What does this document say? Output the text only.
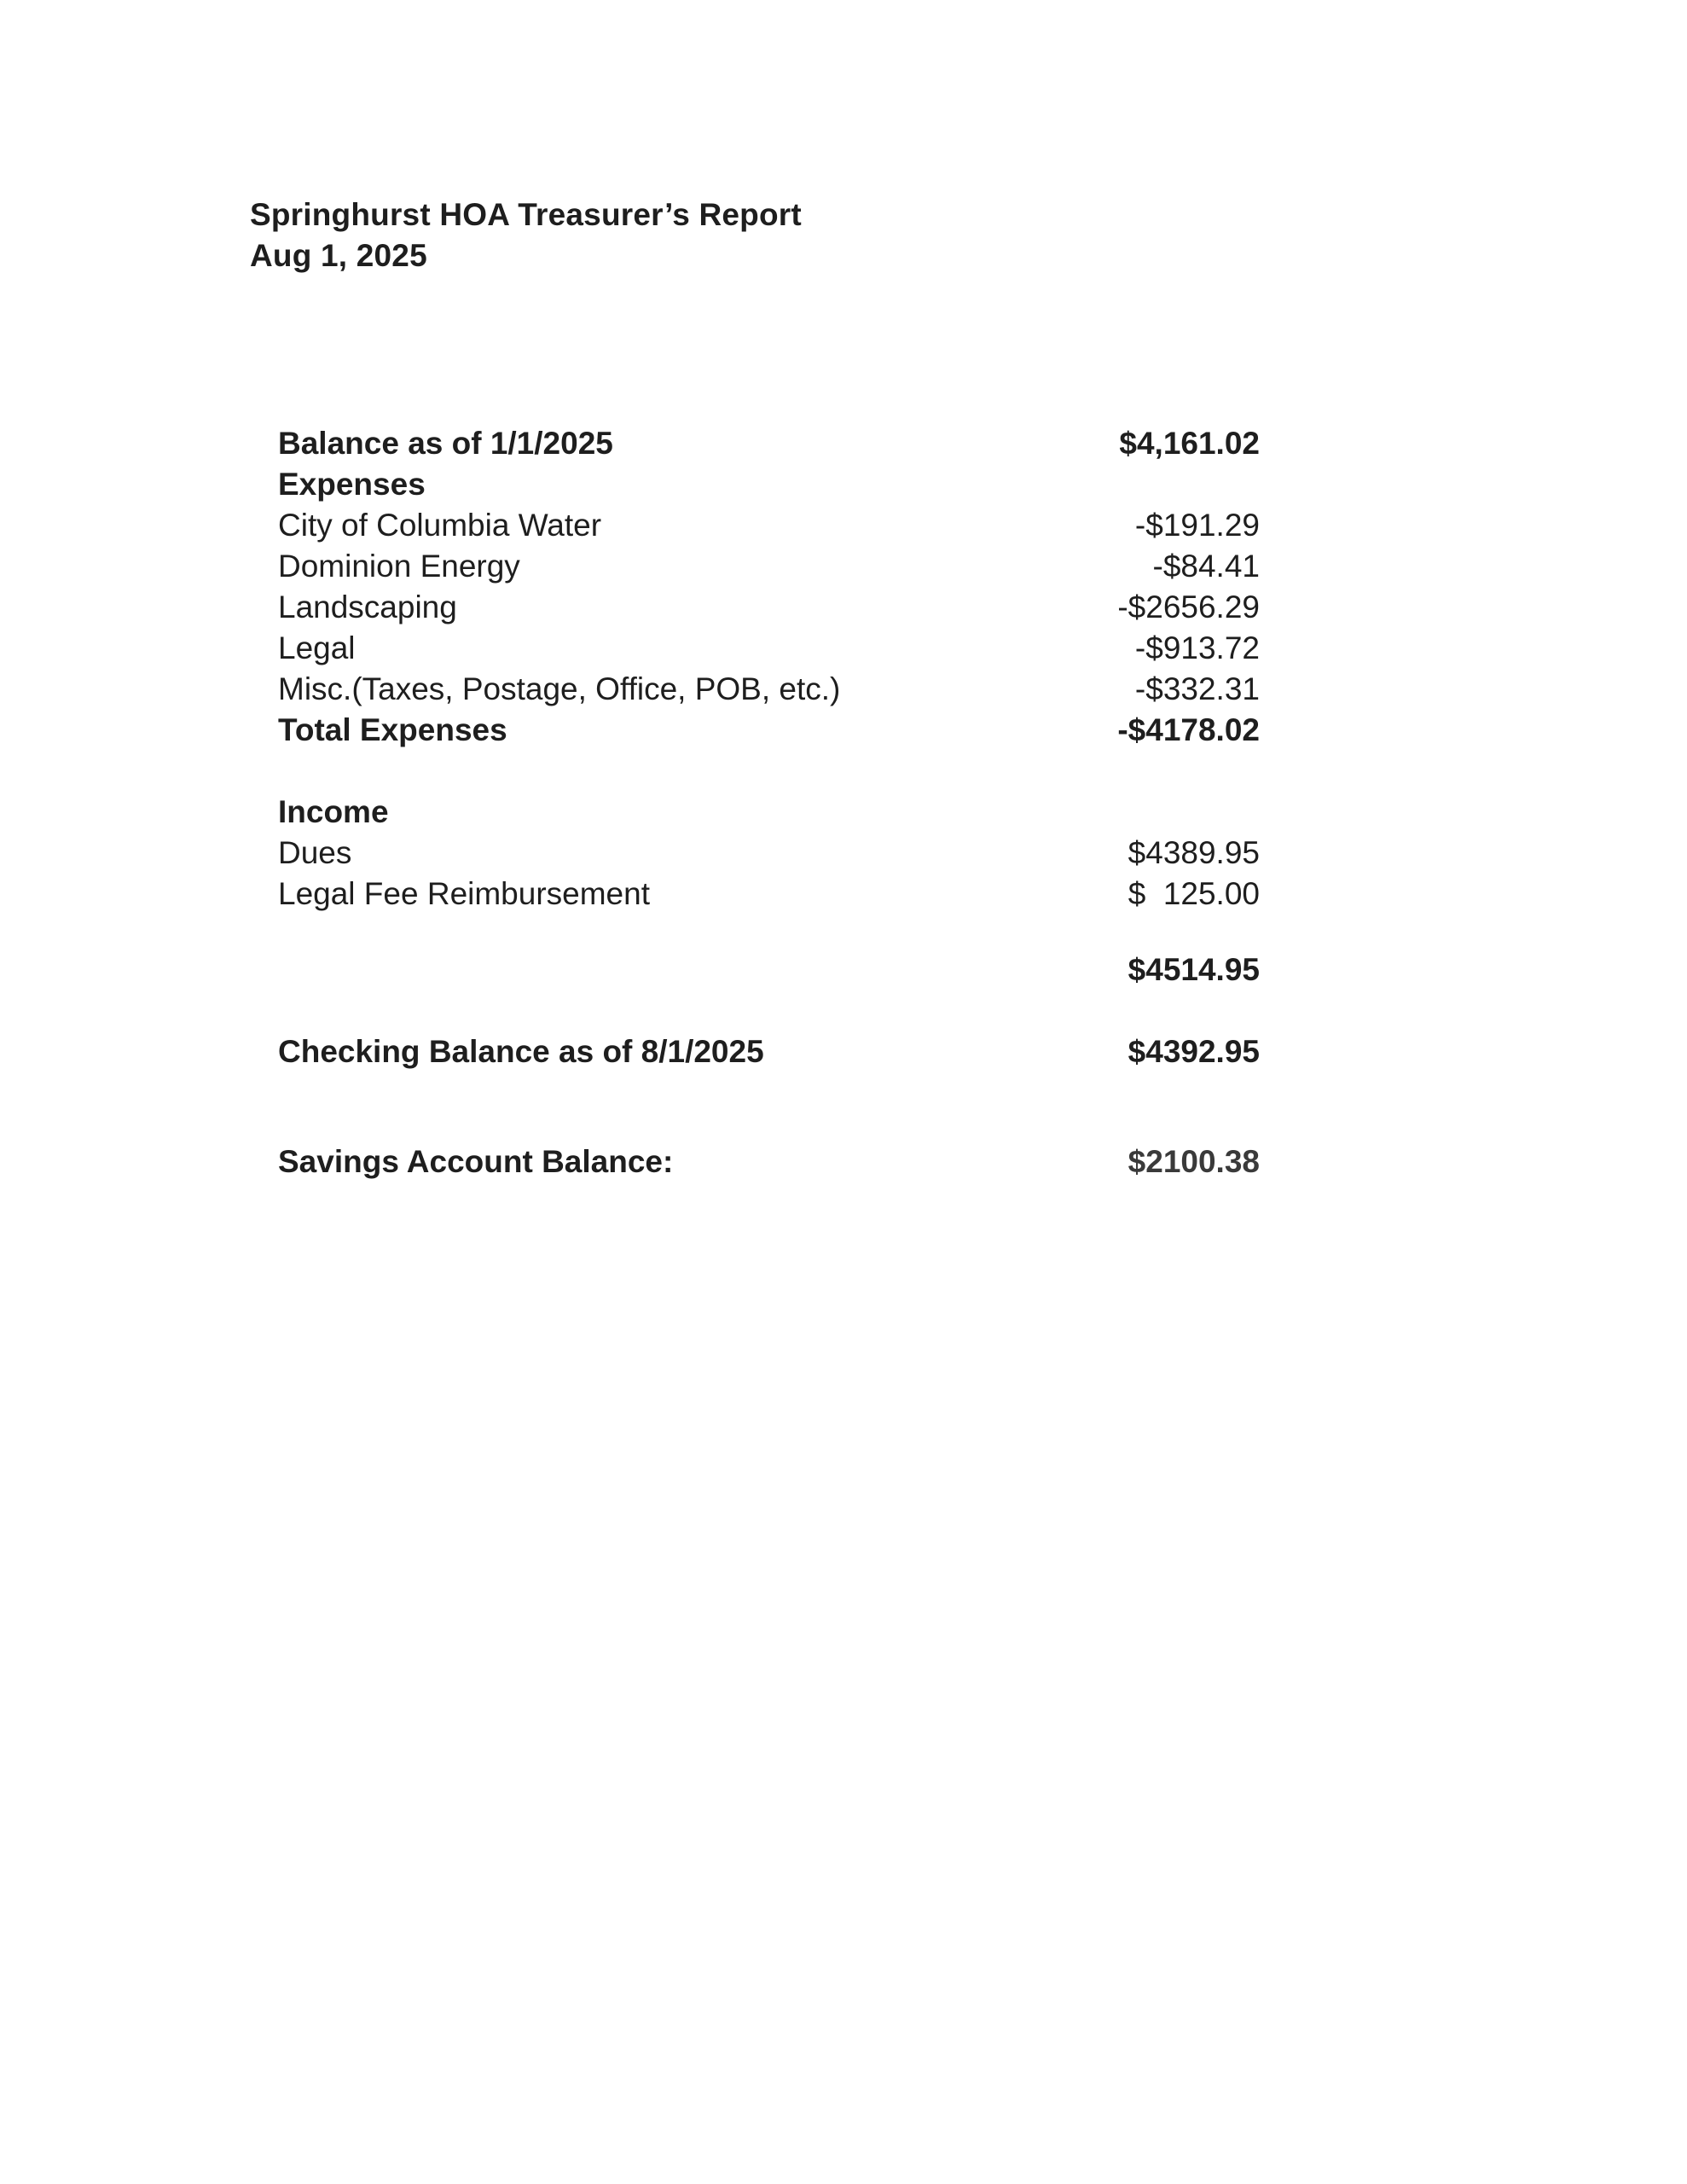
Springhurst HOA Treasurer’s Report
Aug 1, 2025
Balance as of 1/1/2025	$4,161.02
Expenses
City of Columbia Water	-$191.29
Dominion Energy	-$84.41
Landscaping	-$2656.29
Legal	-$913.72
Misc.(Taxes, Postage, Office, POB, etc.)	-$332.31
Total Expenses	-$4178.02
Income
Dues	$4389.95
Legal Fee Reimbursement	$  125.00
$4514.95
Checking Balance as of 8/1/2025	$4392.95
Savings Account Balance:	$2100.38
